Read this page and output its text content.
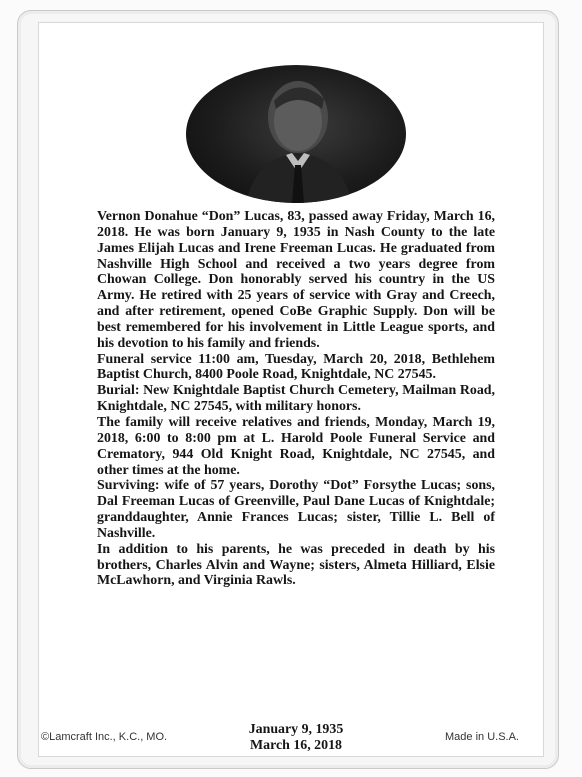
Vernon Donahue “Don” Lucas, 83, passed away Friday, March 16, 2018. He was born January 9, 1935 in Nash County to the late James Elijah Lucas and Irene Freeman Lucas. He graduated from Nashville High School and received a two years degree from Chowan College. Don honorably served his country in the US Army. He retired with 25 years of service with Gray and Creech, and after retirement, opened CoBe Graphic Supply. Don will be best remembered for his involvement in Little League sports, and his devotion to his family and friends.

Funeral service 11:00 am, Tuesday, March 20, 2018, Bethlehem Baptist Church, 8400 Poole Road, Knightdale, NC 27545.

Burial: New Knightdale Baptist Church Cemetery, Mailman Road, Knightdale, NC 27545, with military honors.

The family will receive relatives and friends, Monday, March 19, 2018, 6:00 to 8:00 pm at L. Harold Poole Funeral Service and Crematory, 944 Old Knight Road, Knightdale, NC 27545, and other times at the home.

Surviving: wife of 57 years, Dorothy “Dot” Forsythe Lucas; sons, Dal Freeman Lucas of Greenville, Paul Dane Lucas of Knightdale; granddaughter, Annie Frances Lucas; sister, Tillie L. Bell of Nashville.

In addition to his parents, he was preceded in death by his brothers, Charles Alvin and Wayne; sisters, Almeta Hilliard, Elsie McLawhorn, and Virginia Rawls.

January 9, 1935
March 16, 2018
©Lamcraft Inc., K.C., MO.	Made in U.S.A.
